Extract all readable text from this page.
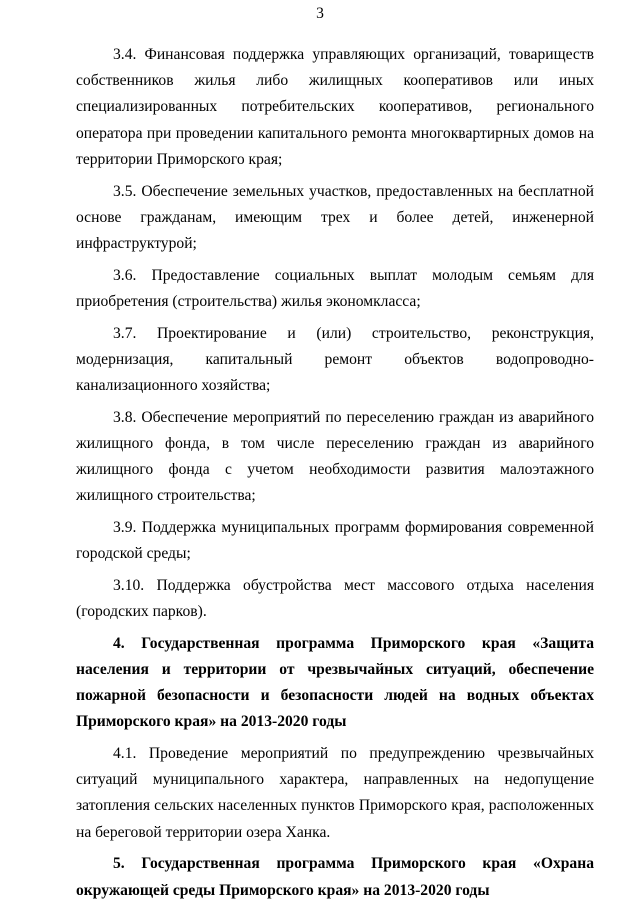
3

3.4. Финансовая поддержка управляющих организаций, товариществ собственников жилья либо жилищных кооперативов или иных специализированных потребительских кооперативов, регионального оператора при проведении капитального ремонта многоквартирных домов на территории Приморского края;

3.5. Обеспечение земельных участков, предоставленных на бесплатной основе гражданам, имеющим трех и более детей, инженерной инфраструктурой;

3.6. Предоставление социальных выплат молодым семьям для приобретения (строительства) жилья экономкласса;

3.7. Проектирование и (или) строительство, реконструкция, модернизация, капитальный ремонт объектов водопроводно-канализационного хозяйства;

3.8. Обеспечение мероприятий по переселению граждан из аварийного жилищного фонда, в том числе переселению граждан из аварийного жилищного фонда с учетом необходимости развития малоэтажного жилищного строительства;

3.9. Поддержка муниципальных программ формирования современной городской среды;

3.10. Поддержка обустройства мест массового отдыха населения (городских парков).

4. Государственная программа Приморского края «Защита населения и территории от чрезвычайных ситуаций, обеспечение пожарной безопасности и безопасности людей на водных объектах Приморского края» на 2013-2020 годы

4.1. Проведение мероприятий по предупреждению чрезвычайных ситуаций муниципального характера, направленных на недопущение затопления сельских населенных пунктов Приморского края, расположенных на береговой территории озера Ханка.

5. Государственная программа Приморского края «Охрана окружающей среды Приморского края» на 2013-2020 годы
